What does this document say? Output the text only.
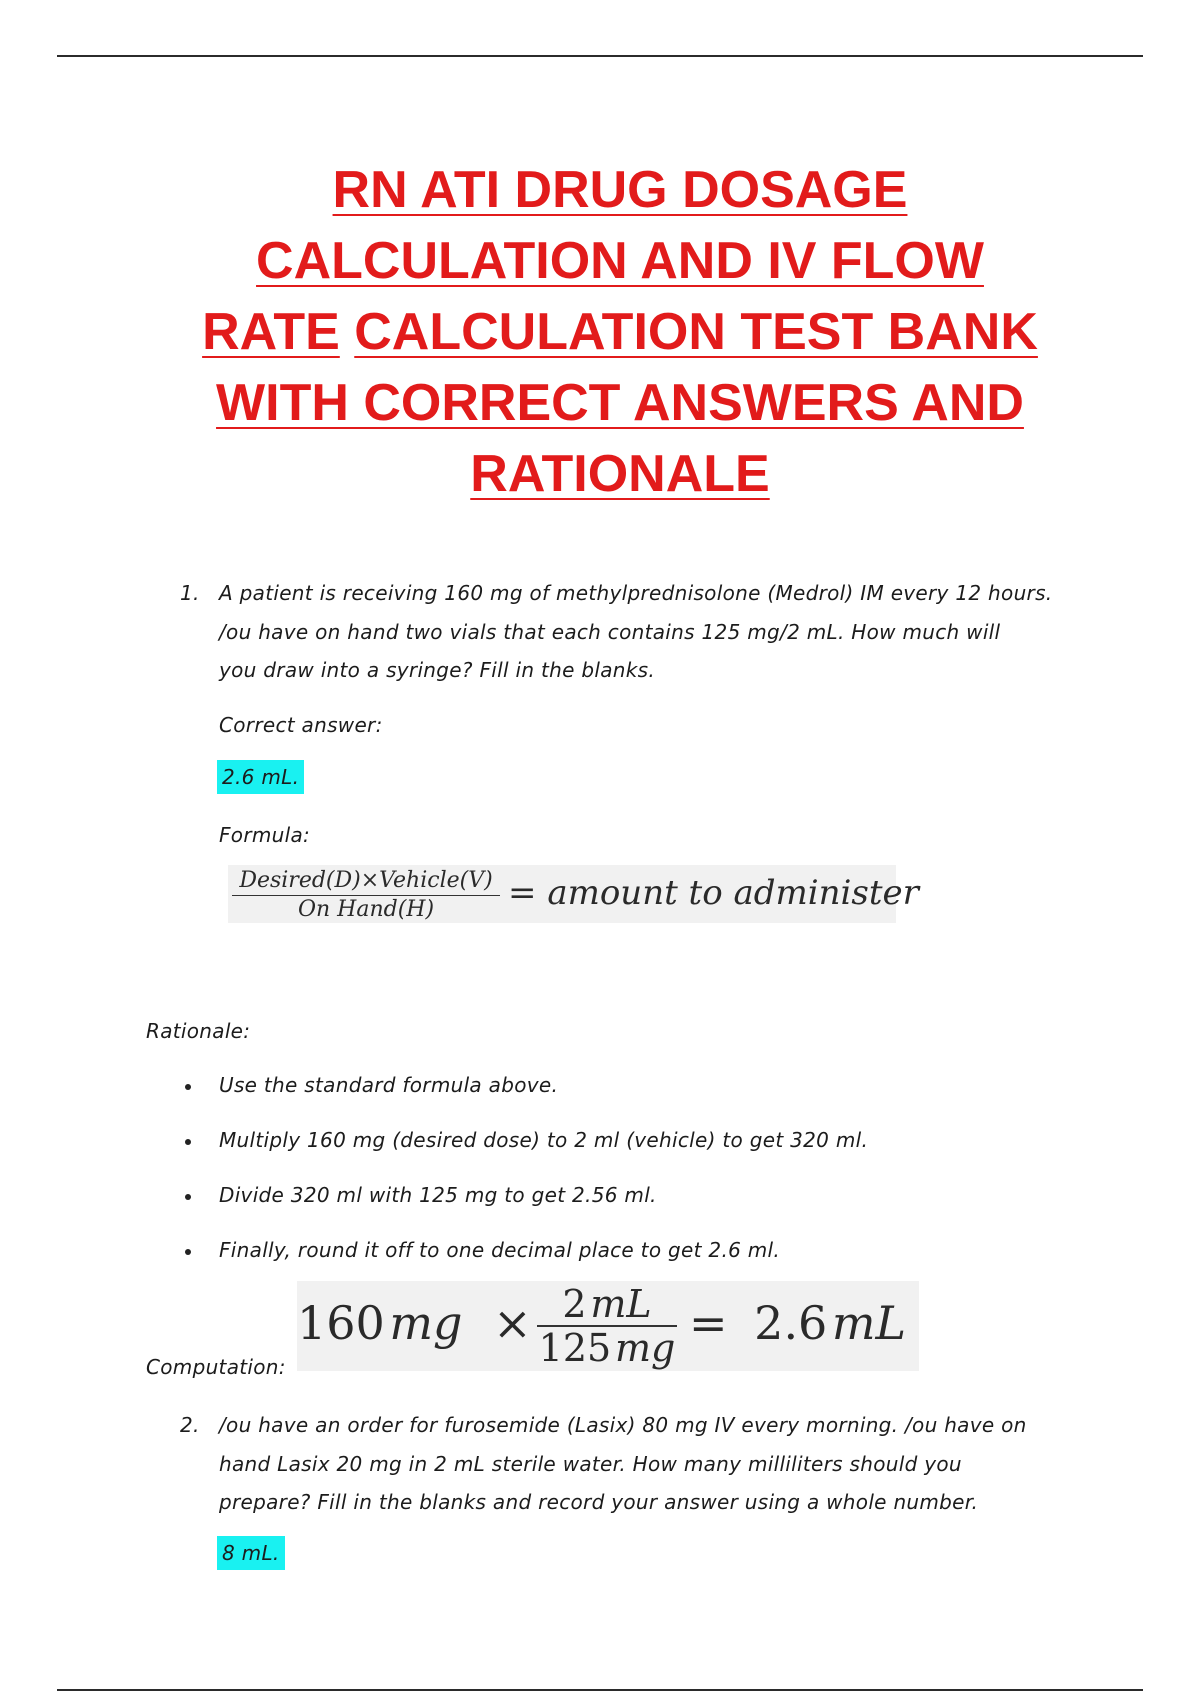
RN ATI DRUG DOSAGE
CALCULATION AND IV FLOW
RATE CALCULATION TEST BANK
WITH CORRECT ANSWERS AND
RATIONALE
1. A patient is receiving 160 mg of methylprednisolone (Medrol) IM every 12 hours.
/ou have on hand two vials that each contains 125 mg/2 mL. How much will
you draw into a syringe? Fill in the blanks.
Correct answer:
2.6 mL.
Formula:
Desired(D)×Vehicle(V)
On Hand(H)	= amount to administer
Rationale:
Use the standard formula above.
Multiply 160 mg (desired dose) to 2 ml (vehicle) to get 320 ml.
Divide 320 ml with 125 mg to get 2.56 ml.
Finally, round it off to one decimal place to get 2.6 ml.
Computation:
160 mg × $\frac{2 mL}{125 mg} = 2.6$ mL
2. /ou have an order for furosemide (Lasix) 80 mg IV every morning. /ou have on
hand Lasix 20 mg in 2 mL sterile water. How many milliliters should you
prepare? Fill in the blanks and record your answer using a whole number.
8 mL.
